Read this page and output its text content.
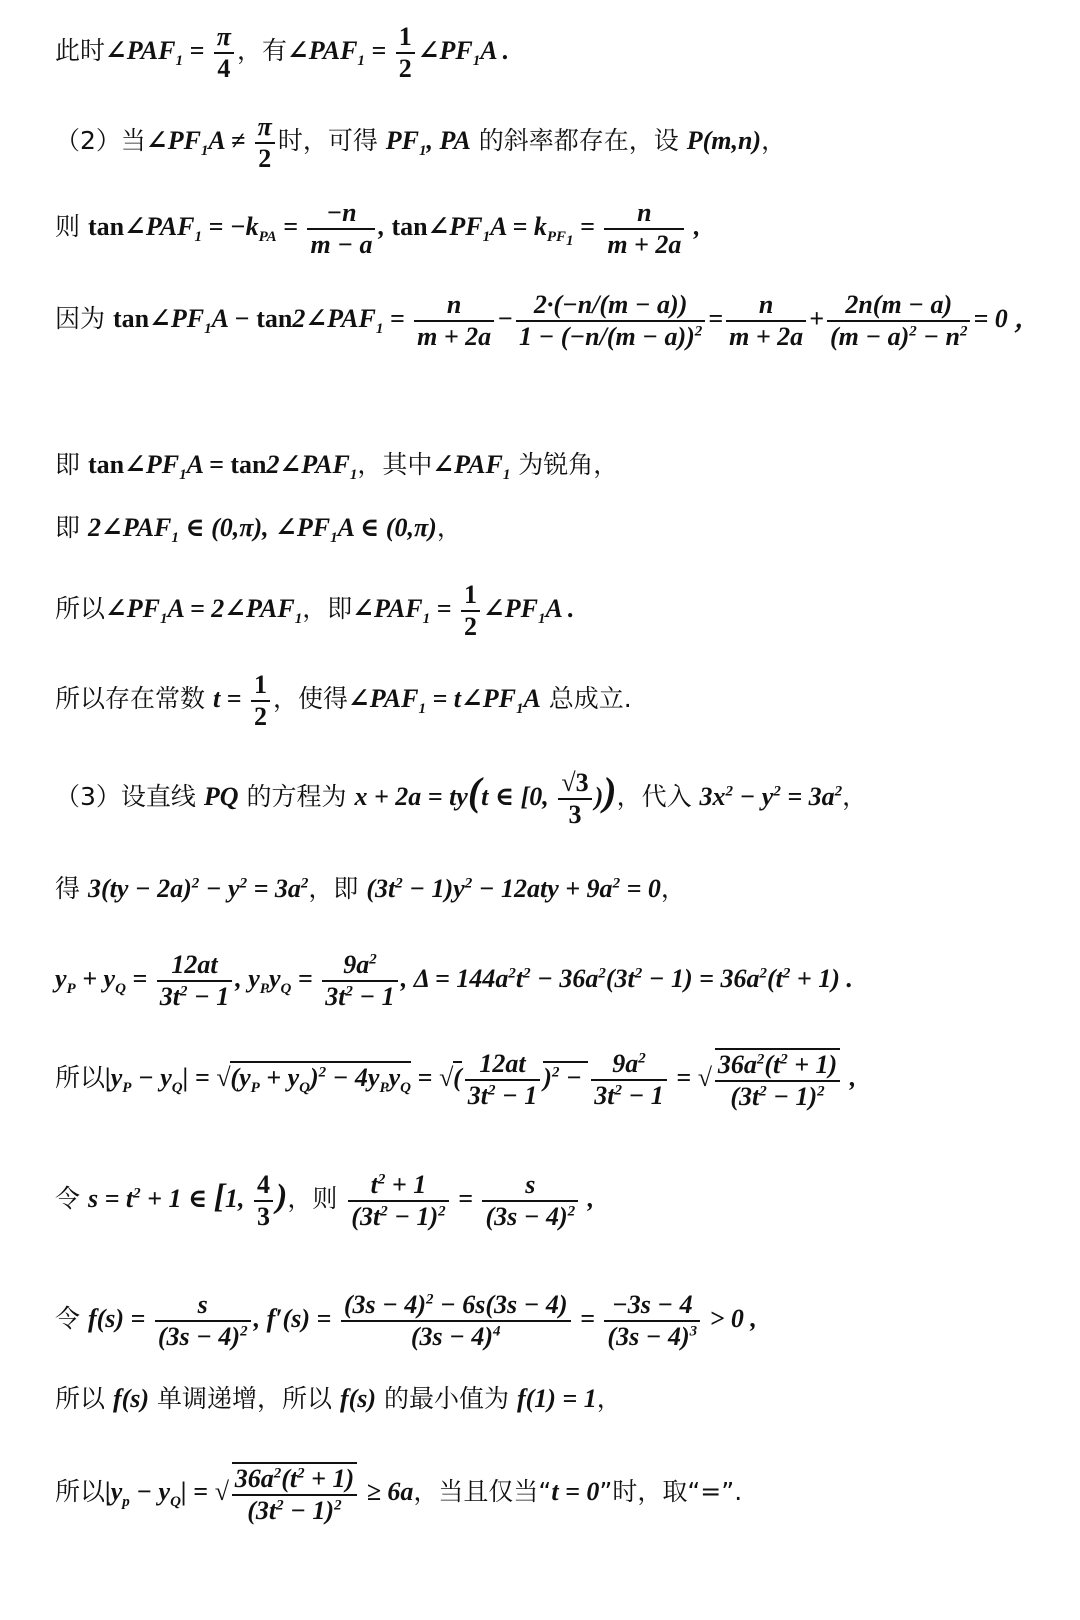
此时$\angle PAF_1 = \frac{\pi}{4}$ ，有$\angle PAF_1 = \frac{1}{2}$ $\angle PF_1A$ .
（2）当$\angle PF_1A \ne \frac{\pi}{2}$ 时，可得 $PF_1$, PA 的斜率都存在，设 P(m,n)，
则 $\tan\angle PAF_1 = -k_{PA} = \frac{-n}{m - a}$ , $\tan\angle PF_1A = k_{PF_1} = \frac{n}{m + 2a}$ ,
因为 $\tan\angle PF_1A$ − $\tan 2\angle PAF_1 = \frac{n}{m + 2a} - \frac{2\cdot(-n/(m - a))}{1 - (-n/(m - a))^2} = \frac{n}{m + 2a} + \frac{2n(m - a)}{(m - a)^2 - n^2} = 0$ ，
即 $\tan\angle PF_1A$ = $\tan 2\angle PAF_1$，其中$\angle PAF_1$ 为锐角，
即 $2\angle PAF_1$ ∈ (0,π), $\angle PF_1A$ ∈ (0,π)，
所以$\angle PF_1A$ = $2\angle PAF_1$，即$\angle PAF_1 = \frac{1}{2}$ $\angle PF_1A$ .
所以存在常数 $t = \frac{1}{2}$ ，使得$\angle PAF_1$ = $t\angle PF_1A$ 总成立.
（3）设直线 PQ 的方程为 x + 2a = ty(t ∈ [0, $\frac{√3}{3}$ ))，代入 $3x^2 - y^2 = 3a^2$，
得 $3(ty - 2a)^2 - y^2 = 3a^2$，即 $(3t^2 - 1)y^2 - 12aty + 9a^2 = 0$，
$y_P + y_Q = \frac{12at}{3t^2 - 1}$ , $y_Py_Q = \frac{9a^2}{3t^2 - 1}$ , $\Delta = 144a^2t^2 - 36a^2(3t^2 - 1) = 36a^2(t^2 + 1)$ .
所以$|y_P - y_Q| = √(y_P + y_Q)^2 - 4y_Py_Q$ = √( $\frac{12at}{3t^2 - 1} )^2 - \frac{9a^2}{3t^2 - 1}$ = √ $\frac{36a^2(t^2 + 1)}{(3t^2 - 1)^2}$ ,
令 $s = t^2 + 1$ ∈ [1, $\frac{4}{3}$ )，则 $\frac{t^2 + 1}{(3t^2 - 1)^2} = \frac{s}{(3s - 4)^2}$ ,
令 $f(s) = \frac{s}{(3s - 4)^2}$ , $f'(s) = \frac{(3s - 4)^2 - 6s(3s - 4)}{(3s - 4)^4} = \frac{-3s - 4}{(3s - 4)^3} > 0$ ,
所以 f(s) 单调递增，所以 f(s) 的最小值为 f(1) = 1，
所以$|y_p - y_Q|$ = √ $\frac{36a^2(t^2 + 1)}{(3t^2 - 1)^2} \ge 6a$，当且仅当“t = 0”时，取“=”.
